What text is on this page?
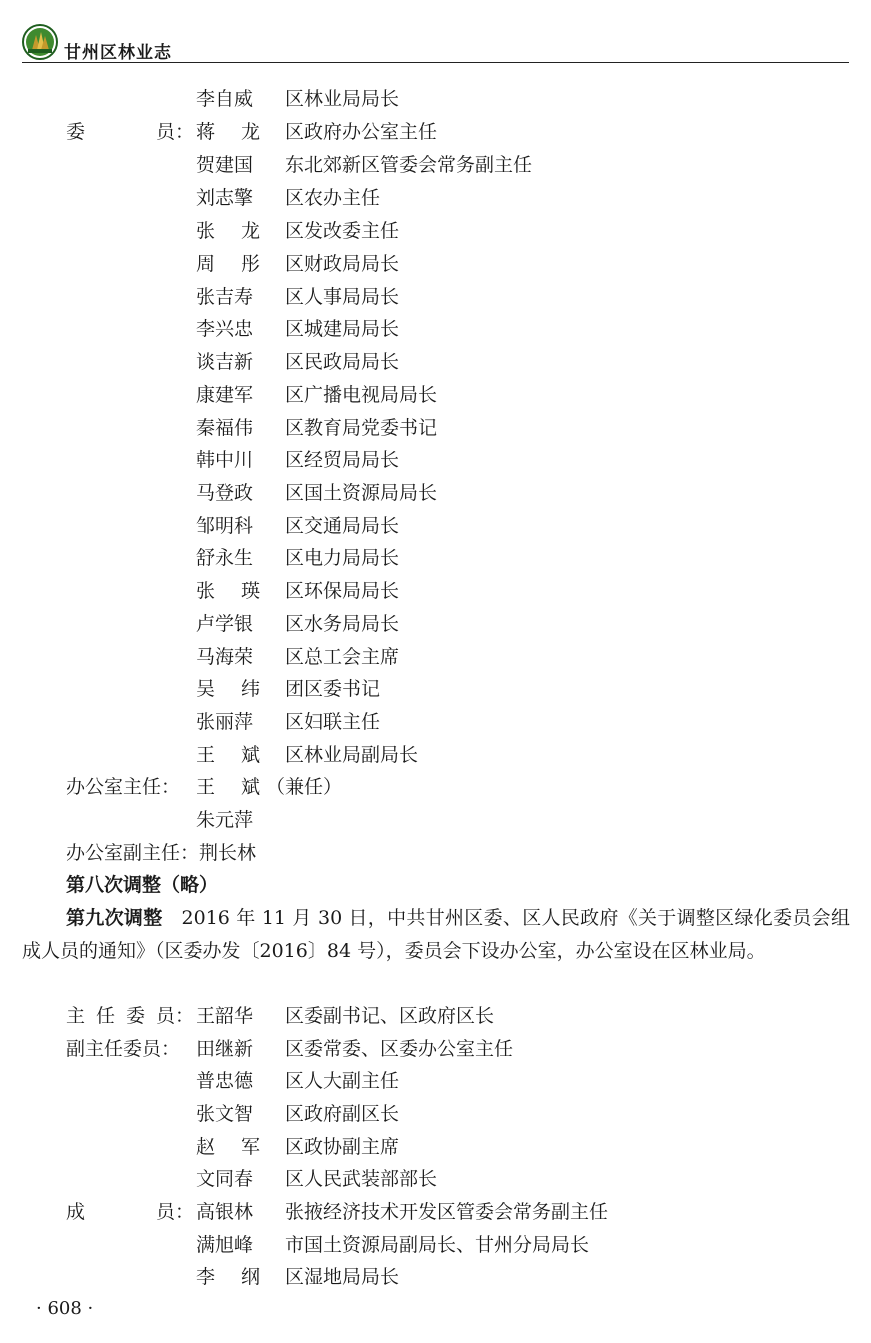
甘州区林业志
李自威	区林业局局长
委	员： 蒋 龙 区政府办公室主任
贺建国	东北郊新区管委会常务副主任
刘志擎	区农办主任
张 龙 区发改委主任
周 彤 区财政局局长
张吉寿	区人事局局长
李兴忠	区城建局局长
谈吉新	区民政局局长
康建军	区广播电视局局长
秦福伟	区教育局党委书记
韩中川	区经贸局局长
马登政	区国土资源局局长
邹明科	区交通局局长
舒永生	区电力局局长
张 瑛 区环保局局长
卢学银	区水务局局长
马海荣	区总工会主席
吴 纬 团区委书记
张丽萍	区妇联主任
王 斌 区林业局副局长
办公室主任： 王 斌 （兼任）
朱元萍
办公室副主任：荆长林
第八次调整（略）
第九次调整 2016 年 11 月 30 日，中共甘州区委、区人民政府《关于调整区绿化委员会组成人员的通知》（区委办发〔2016〕84 号），委员会下设办公室，办公室设在区林业局。
主 任 委 员： 王韶华	区委副书记、区政府区长
副主任委员： 田继新	区委常委、区委办公室主任
普忠德	区人大副主任
张文智	区政府副区长
赵 军 区政协副主席
文同春	区人民武装部部长
成	员： 高银林	张掖经济技术开发区管委会常务副主任
满旭峰	市国土资源局副局长、甘州分局局长
李 纲 区湿地局局长
· 608 ·
